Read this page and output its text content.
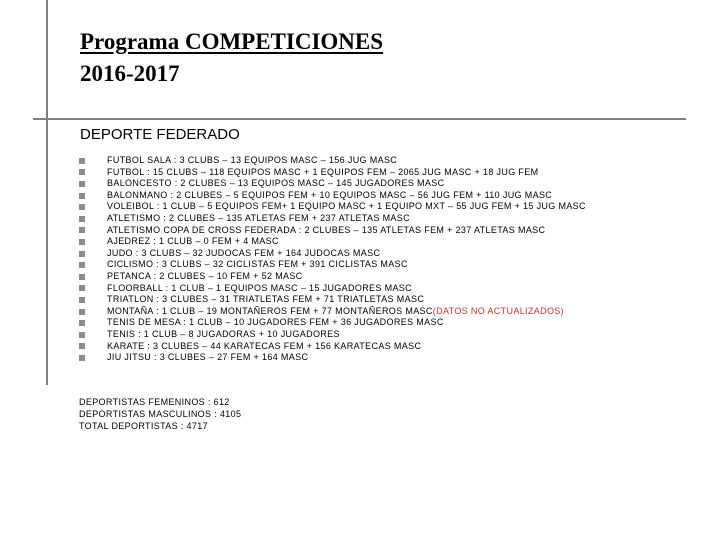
Programa COMPETICIONES
2016-2017
DEPORTE FEDERADO
FUTBOL SALA : 3 CLUBS – 13 EQUIPOS MASC – 156 JUG MASC
FUTBOL : 15 CLUBS – 118 EQUIPOS MASC + 1 EQUIPOS FEM – 2065 JUG MASC + 18 JUG FEM
BALONCESTO : 2 CLUBES – 13 EQUIPOS MASC – 145 JUGADORES MASC
BALONMANO : 2 CLUBES – 5 EQUIPOS FEM + 10 EQUIPOS MASC – 56 JUG FEM + 110 JUG MASC
VOLEIBOL : 1 CLUB – 5 EQUIPOS FEM+ 1 EQUIPO MASC + 1 EQUIPO MXT – 55 JUG FEM + 15 JUG MASC
ATLETISMO : 2 CLUBES – 135 ATLETAS FEM + 237 ATLETAS MASC
ATLETISMO COPA DE CROSS FEDERADA : 2 CLUBES – 135 ATLETAS FEM + 237 ATLETAS MASC
AJEDREZ : 1 CLUB – 0 FEM + 4 MASC
JUDO : 3 CLUBS – 32 JUDOCAS FEM + 164 JUDOCAS MASC
CICLISMO : 3 CLUBS – 32 CICLISTAS FEM + 391 CICLISTAS MASC
PETANCA : 2 CLUBES – 10 FEM + 52 MASC
FLOORBALL : 1 CLUB – 1 EQUIPOS MASC – 15 JUGADORES MASC
TRIATLON : 3 CLUBES – 31 TRIATLETAS FEM + 71 TRIATLETAS MASC
MONTAÑA : 1 CLUB – 19 MONTAÑEROS FEM + 77 MONTAÑEROS MASC (DATOS NO ACTUALIZADOS)
TENIS DE MESA : 1 CLUB – 10 JUGADORES FEM + 36 JUGADORES MASC
TENIS : 1 CLUB – 8 JUGADORAS + 10 JUGADORES
KARATE : 3 CLUBES – 44 KARATECAS FEM + 156 KARATECAS MASC
JIU JITSU : 3 CLUBES – 27 FEM + 164 MASC
DEPORTISTAS FEMENINOS : 612
DEPORTISTAS MASCULINOS : 4105
TOTAL DEPORTISTAS : 4717
